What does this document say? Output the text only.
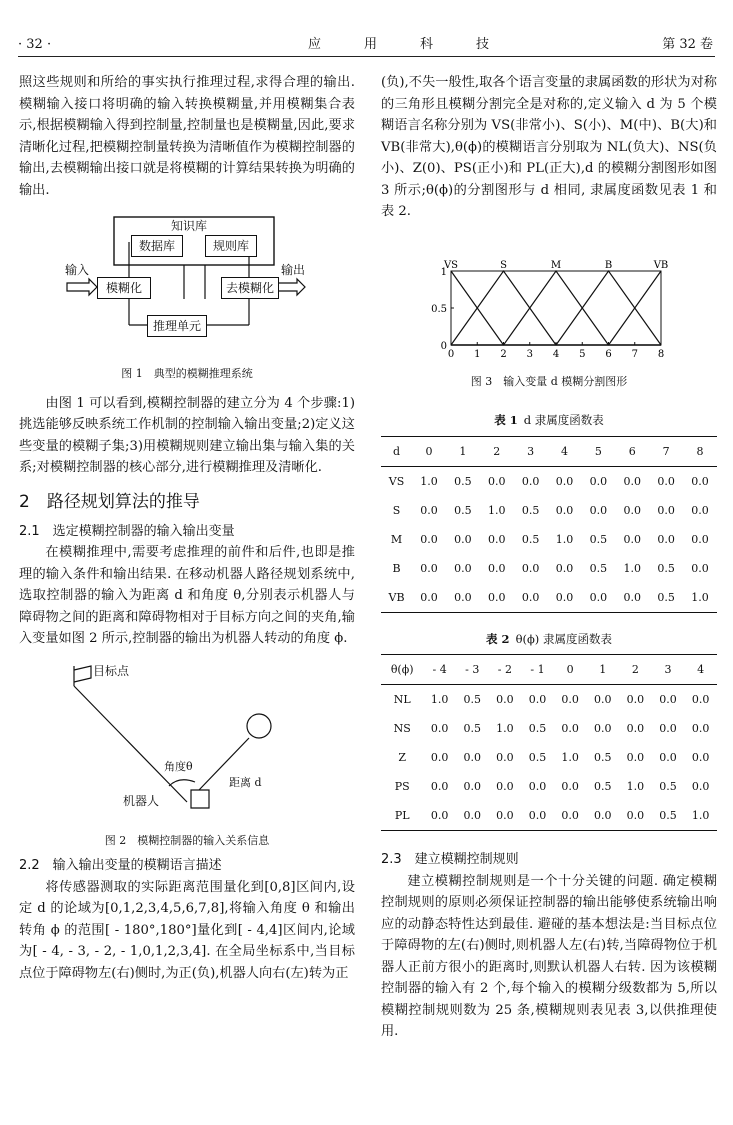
· 32 ·	应	用	科	技	第 32 卷

照这些规则和所给的事实执行推理过程,求得合理的输出. 模糊输入接口将明确的输入转换模糊量,并用模糊集合表示,根据模糊输入得到控制量,控制量也是模糊量,因此,要求清晰化过程,把模糊控制量转换为清晰值作为模糊控制器的输出,去模糊输出接口就是将模糊的计算结果转换为明确的输出.

知识库
数据库	规则库
模糊化	去模糊化
推理单元
输入	输出
图 1　典型的模糊推理系统

由图 1 可以看到,模糊控制器的建立分为 4 个步骤:1)挑选能够反映系统工作机制的控制输入输出变量;2)定义这些变量的模糊子集;3)用模糊规则建立输出集与输入集的关系;对模糊控制器的核心部分,进行模糊推理及清晰化.

2　路径规划算法的推导
2.1　选定模糊控制器的输入输出变量

在模糊推理中,需要考虑推理的前件和后件,也即是推理的输入条件和输出结果. 在移动机器人路径规划系统中, 选取控制器的输入为距离 d 和角度 θ,分别表示机器人与障碍物之间的距离和障碍物相对于目标方向之间的夹角,输入变量如图 2 所示,控制器的输出为机器人转动的角度 ϕ.

目标点
角度θ
距离 d
机器人
图 2　模糊控制器的输入关系信息
2.2　输入输出变量的模糊语言描述

将传感器测取的实际距离范围量化到[0,8]区间内,设定 d 的论域为[0,1,2,3,4,5,6,7,8],将输入角度 θ 和输出转角 ϕ 的范围[ - 180°,180°]量化到[ - 4,4]区间内,论域为[ - 4, - 3, - 2, - 1,0,1,2,3,4]. 在全局坐标系中,当目标点位于障碍物左(右)侧时,为正(负),机器人向右(左)转为正

(负),不失一般性,取各个语言变量的隶属函数的形状为对称的三角形且模糊分割完全是对称的,定义输入 d 为 5 个模糊语言名称分别为 VS(非常小)、S(小)、M(中)、B(大)和 VB(非常大),θ(ϕ)的模糊语言分别取为 NL(负大)、NS(负小)、Z(0)、PS(正小)和 PL(正大),d 的模糊分割图形如图 3 所示;θ(ϕ)的分割图形与 d 相同, 隶属度函数见表 1 和表 2.

VS	S	M	B	VB
0 1 2 3 4 5 6 7 8
0
0.5
1
图 3　输入变量 d 模糊分割图形
表 1 d 隶属度函数表
d	0	1	2	3	4	5	6	7	8
VS	1.0	0.5	0.0	0.0	0.0	0.0	0.0	0.0	0.0
S	0.0	0.5	1.0	0.5	0.0	0.0	0.0	0.0	0.0
M	0.0	0.0	0.0	0.5	1.0	0.5	0.0	0.0	0.0
B	0.0	0.0	0.0	0.0	0.0	0.5	1.0	0.5	0.0
VB	0.0	0.0	0.0	0.0	0.0	0.0	0.0	0.5	1.0
表 2 θ(ϕ) 隶属度函数表
θ(ϕ)	- 4	- 3	- 2	- 1	0	1	2	3	4
NL	1.0	0.5	0.0	0.0	0.0	0.0	0.0	0.0	0.0
NS	0.0	0.5	1.0	0.5	0.0	0.0	0.0	0.0	0.0
Z	0.0	0.0	0.0	0.5	1.0	0.5	0.0	0.0	0.0
PS	0.0	0.0	0.0	0.0	0.0	0.5	1.0	0.5	0.0
PL	0.0	0.0	0.0	0.0	0.0	0.0	0.0	0.5	1.0
2.3　建立模糊控制规则

建立模糊控制规则是一个十分关键的问题. 确定模糊控制规则的原则必须保证控制器的输出能够使系统输出响应的动静态特性达到最佳. 避碰的基本想法是:当目标点位于障碍物的左(右)侧时,则机器人左(右)转,当障碍物位于机器人正前方很小的距离时,则默认机器人右转. 因为该模糊控制器的输入有 2 个,每个输入的模糊分级数都为 5,所以模糊控制规则数为 25 条,模糊规则表见表 3,以供推理使用.
